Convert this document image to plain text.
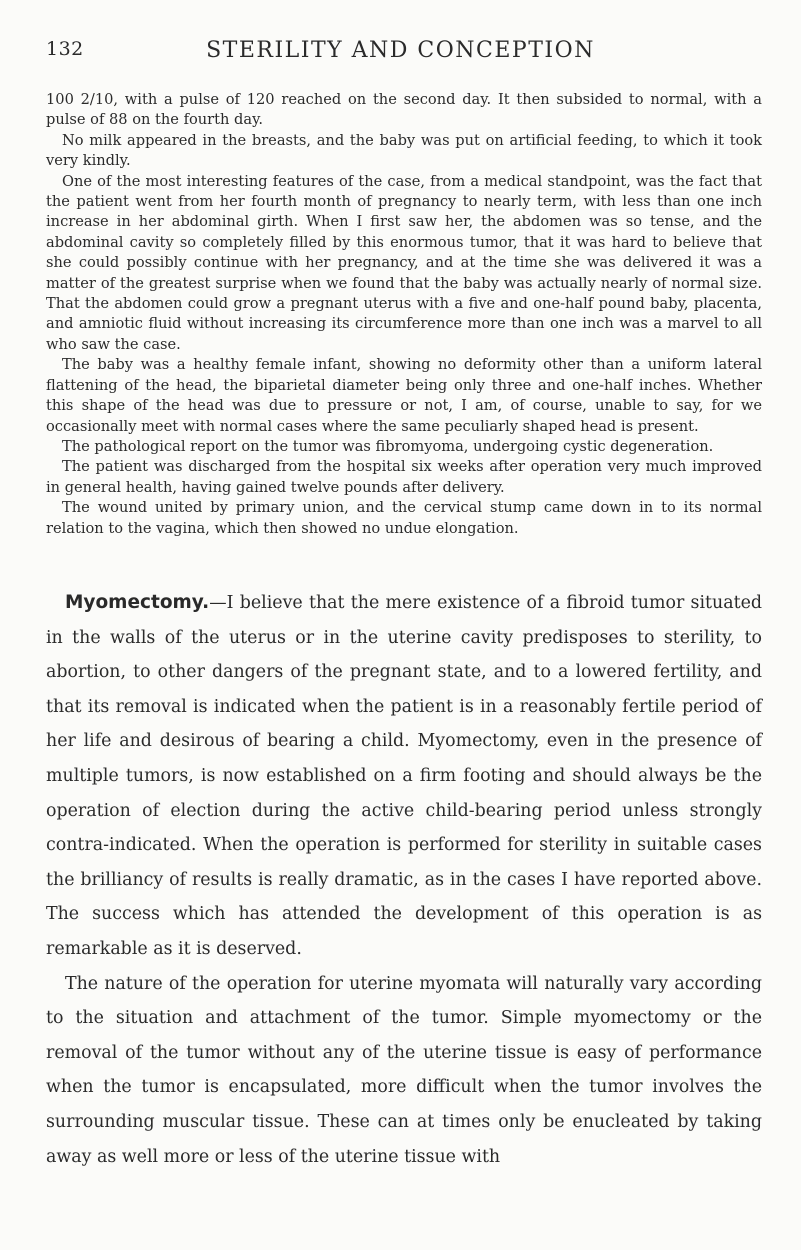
132	STERILITY AND CONCEPTION

100 2/10, with a pulse of 120 reached on the second day. It then subsided to normal, with a pulse of 88 on the fourth day.

No milk appeared in the breasts, and the baby was put on artificial feeding, to which it took very kindly.

One of the most interesting features of the case, from a medical standpoint, was the fact that the patient went from her fourth month of pregnancy to nearly term, with less than one inch increase in her abdominal girth. When I first saw her, the abdomen was so tense, and the abdominal cavity so completely filled by this enormous tumor, that it was hard to believe that she could possibly continue with her pregnancy, and at the time she was delivered it was a matter of the greatest surprise when we found that the baby was actually nearly of normal size. That the abdomen could grow a pregnant uterus with a five and one-half pound baby, placenta, and amniotic fluid without increasing its circumference more than one inch was a marvel to all who saw the case.

The baby was a healthy female infant, showing no deformity other than a uniform lateral flattening of the head, the biparietal diameter being only three and one-half inches. Whether this shape of the head was due to pressure or not, I am, of course, unable to say, for we occasionally meet with normal cases where the same peculiarly shaped head is present.

The pathological report on the tumor was fibromyoma, undergoing cystic degeneration.

The patient was discharged from the hospital six weeks after operation very much improved in general health, having gained twelve pounds after delivery.

The wound united by primary union, and the cervical stump came down in to its normal relation to the vagina, which then showed no undue elongation.

Myomectomy.—I believe that the mere existence of a fibroid tumor situated in the walls of the uterus or in the uterine cavity predisposes to sterility, to abortion, to other dangers of the pregnant state, and to a lowered fertility, and that its removal is indicated when the patient is in a reasonably fertile period of her life and desirous of bearing a child. Myomectomy, even in the presence of multiple tumors, is now established on a firm footing and should always be the operation of election during the active child-bearing period unless strongly contra-indicated. When the operation is performed for sterility in suitable cases the brilliancy of results is really dramatic, as in the cases I have reported above. The success which has attended the development of this operation is as remarkable as it is deserved.

The nature of the operation for uterine myomata will naturally vary according to the situation and attachment of the tumor. Simple myomectomy or the removal of the tumor without any of the uterine tissue is easy of performance when the tumor is encapsulated, more difficult when the tumor involves the surrounding muscular tissue. These can at times only be enucleated by taking away as well more or less of the uterine tissue with
